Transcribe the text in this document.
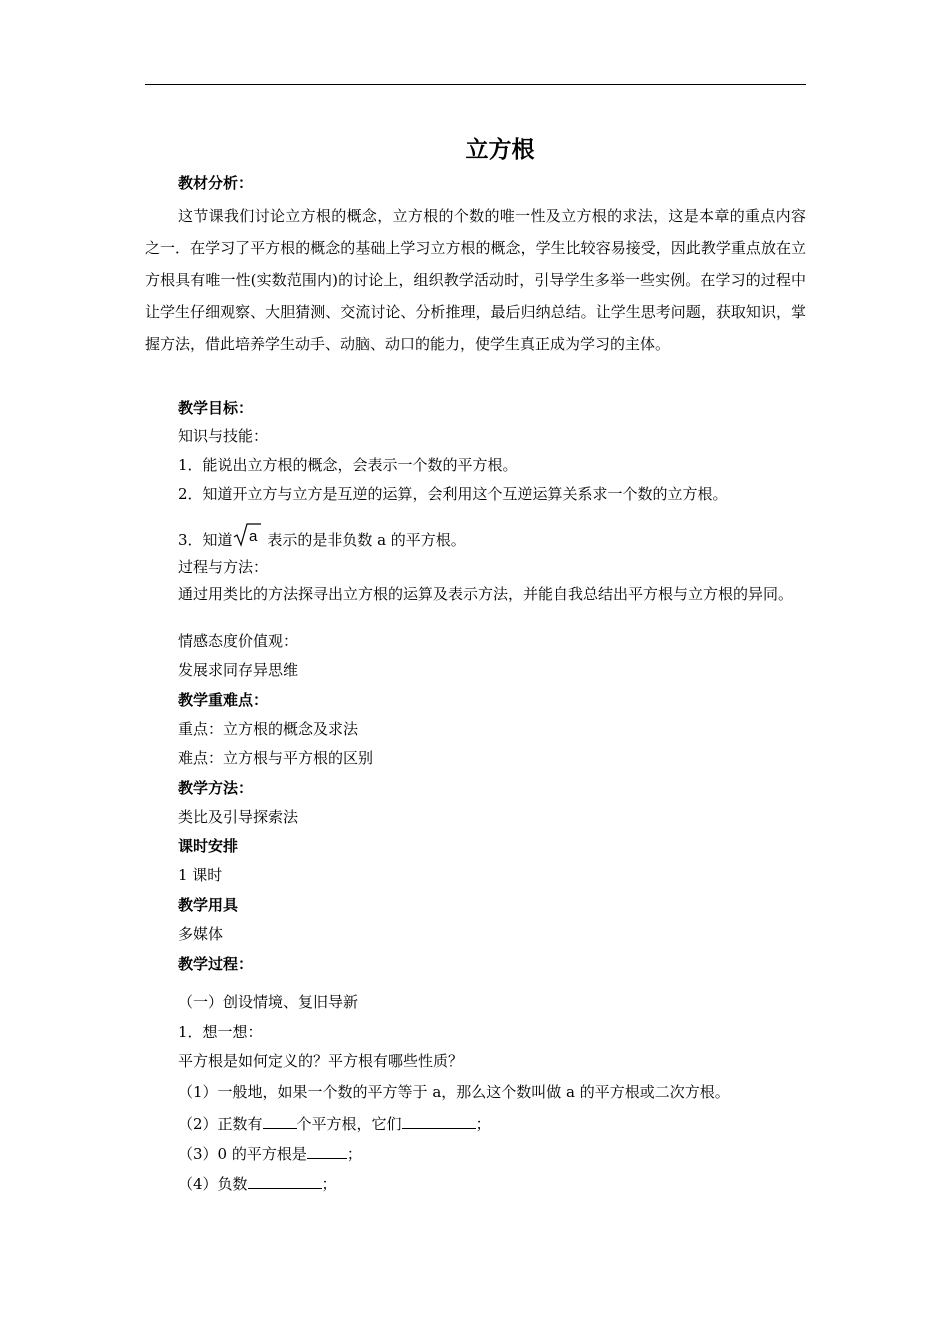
立方根
教材分析：

这节课我们讨论立方根的概念，立方根的个数的唯一性及立方根的求法，这是本章的重点内容之一．在学习了平方根的概念的基础上学习立方根的概念，学生比较容易接受，因此教学重点放在立方根具有唯一性(实数范围内)的讨论上，组织教学活动时，引导学生多举一些实例。在学习的过程中让学生仔细观察、大胆猜测、交流讨论、分析推理，最后归纳总结。让学生思考问题，获取知识，掌握方法，借此培养学生动手、动脑、动口的能力，使学生真正成为学习的主体。

教学目标：
知识与技能：
1．能说出立方根的概念，会表示一个数的平方根。
2．知道开立方与立方是互逆的运算，会利用这个互逆运算关系求一个数的立方根。
3．知道 a 表示的是非负数 a 的平方根。
过程与方法：

通过用类比的方法探寻出立方根的运算及表示方法，并能自我总结出平方根与立方根的异同。

情感态度价值观：
发展求同存异思维
教学重难点：
重点：立方根的概念及求法
难点：立方根与平方根的区别
教学方法：
类比及引导探索法
课时安排
1 课时
教学用具
多媒体
教学过程：
（一）创设情境、复旧导新
1．想一想：
平方根是如何定义的？平方根有哪些性质？
（1）一般地，如果一个数的平方等于 a，那么这个数叫做 a 的平方根或二次方根。
（2）正数有 个平方根，它们	；
（3）0 的平方根是	；
（4）负数	；
